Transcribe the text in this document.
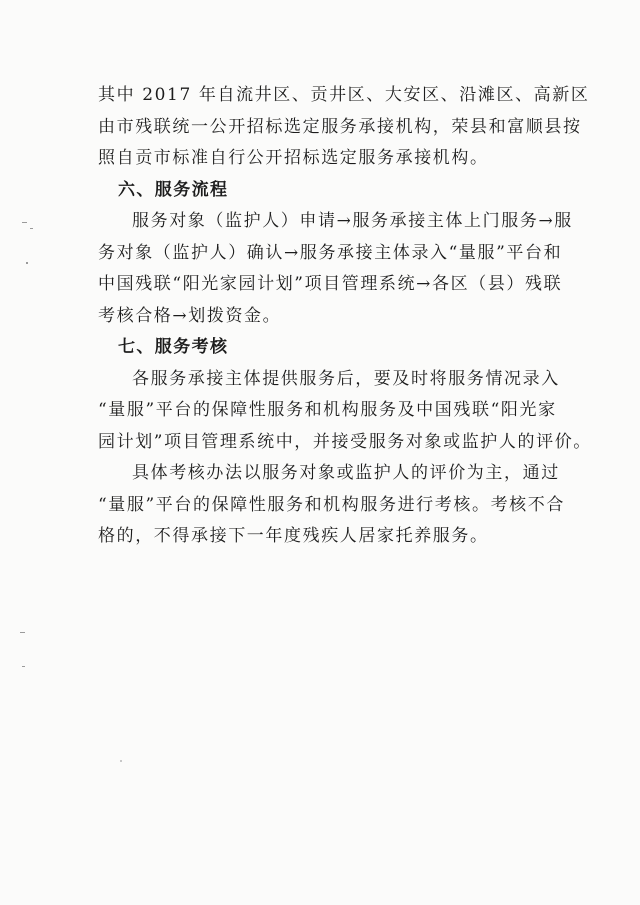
其中 2017 年自流井区、贡井区、大安区、沿滩区、高新区
由市残联统一公开招标选定服务承接机构，荣县和富顺县按
照自贡市标准自行公开招标选定服务承接机构。

六、服务流程

服务对象（监护人）申请→服务承接主体上门服务→服
务对象（监护人）确认→服务承接主体录入“量服”平台和
中国残联“阳光家园计划”项目管理系统→各区（县）残联
考核合格→划拨资金。

七、服务考核

各服务承接主体提供服务后，要及时将服务情况录入
“量服”平台的保障性服务和机构服务及中国残联“阳光家
园计划”项目管理系统中，并接受服务对象或监护人的评价。

具体考核办法以服务对象或监护人的评价为主，通过
“量服”平台的保障性服务和机构服务进行考核。考核不合
格的，不得承接下一年度残疾人居家托养服务。
